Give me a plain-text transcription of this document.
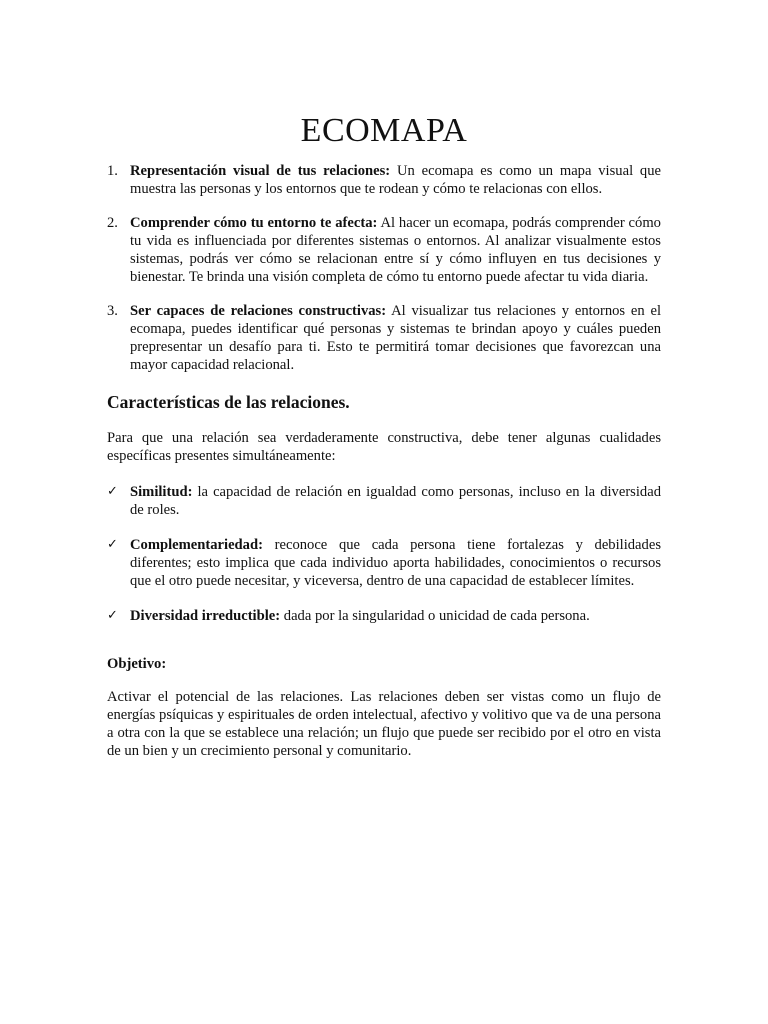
ECOMAPA
1. Representación visual de tus relaciones: Un ecomapa es como un mapa visual que muestra las personas y los entornos que te rodean y cómo te relacionas con ellos.
2. Comprender cómo tu entorno te afecta: Al hacer un ecomapa, podrás comprender cómo tu vida es influenciada por diferentes sistemas o entornos. Al analizar visualmente estos sistemas, podrás ver cómo se relacionan entre sí y cómo influyen en tus decisiones y bienestar. Te brinda una visión completa de cómo tu entorno puede afectar tu vida diaria.
3. Ser capaces de relaciones constructivas: Al visualizar tus relaciones y entornos en el ecomapa, puedes identificar qué personas y sistemas te brindan apoyo y cuáles pueden prepresentar un desafío para ti. Esto te permitirá tomar decisiones que favorezcan una mayor capacidad relacional.
Características de las relaciones.
Para que una relación sea verdaderamente constructiva, debe tener algunas cualidades específicas presentes simultáneamente:
✓ Similitud: la capacidad de relación en igualdad como personas, incluso en la diversidad de roles.
✓ Complementariedad: reconoce que cada persona tiene fortalezas y debilidades diferentes; esto implica que cada individuo aporta habilidades, conocimientos o recursos que el otro puede necesitar, y viceversa, dentro de una capacidad de establecer límites.
✓ Diversidad irreductible: dada por la singularidad o unicidad de cada persona.
Objetivo:
Activar el potencial de las relaciones. Las relaciones deben ser vistas como un flujo de energías psíquicas y espirituales de orden intelectual, afectivo y volitivo que va de una persona a otra con la que se establece una relación; un flujo que puede ser recibido por el otro en vista de un bien y un crecimiento personal y comunitario.
